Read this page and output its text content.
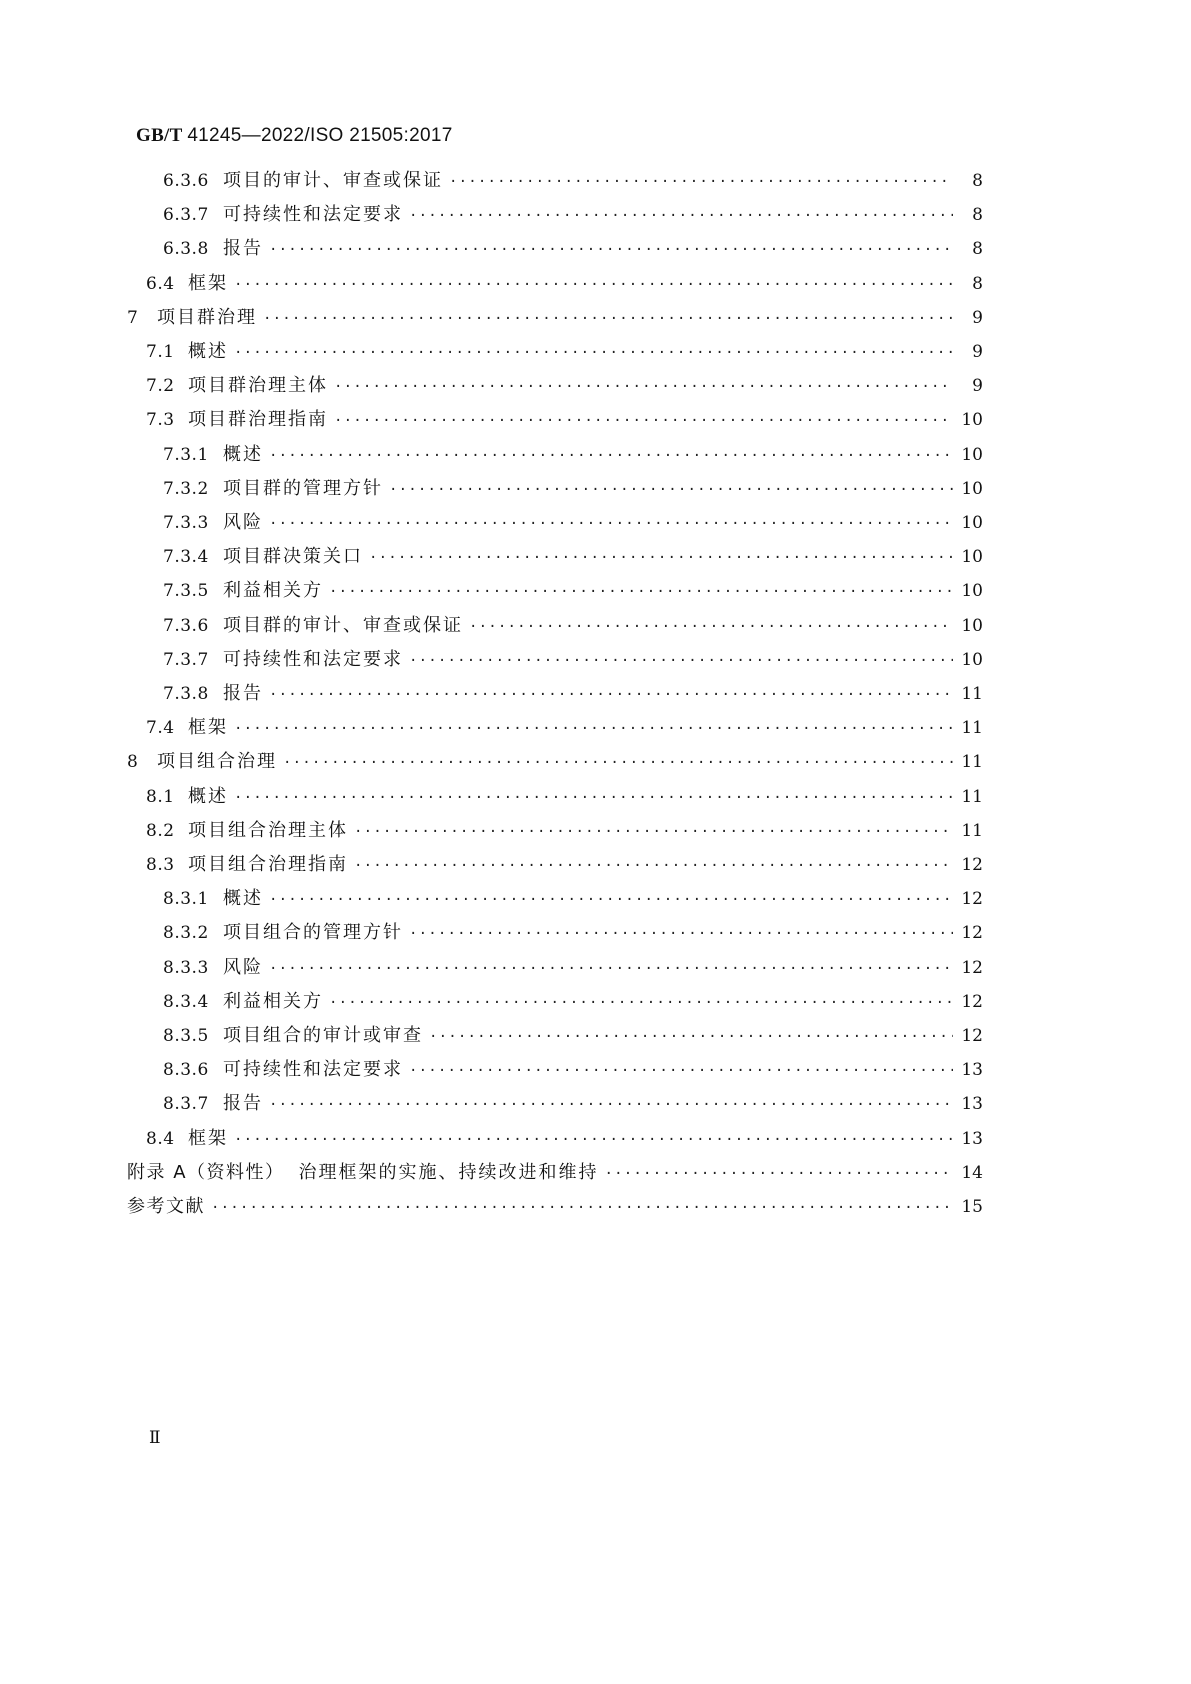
GB/T 41245—2022/ISO 21505:2017
6.3.6 项目的审计、审查或保证 ·····	8
6.3.7 可持续性和法定要求 ·····	8
6.3.8 报告 ·····	8
6.4 框架 ·····	8
7	项目群治理 ·····	9
7.1 概述 ·····	9
7.2 项目群治理主体 ·····	9
7.3 项目群治理指南 ·····	10
7.3.1 概述 ·····	10
7.3.2 项目群的管理方针 ·····	10
7.3.3 风险 ·····	10
7.3.4 项目群决策关口 ·····	10
7.3.5 利益相关方 ·····	10
7.3.6 项目群的审计、审查或保证 ·····	10
7.3.7 可持续性和法定要求 ·····	10
7.3.8 报告 ·····	11
7.4 框架 ·····	11
8	项目组合治理 ·····	11
8.1 概述 ·····	11
8.2 项目组合治理主体 ·····	11
8.3 项目组合治理指南 ·····	12
8.3.1 概述 ·····	12
8.3.2 项目组合的管理方针 ·····	12
8.3.3 风险 ·····	12
8.3.4 利益相关方 ·····	12
8.3.5 项目组合的审计或审查 ·····	12
8.3.6 可持续性和法定要求 ·····	13
8.3.7 报告 ·····	13
8.4 框架 ·····	13
附录 A（资料性） 治理框架的实施、持续改进和维持 ·····	14
参考文献 ·····	15
Ⅱ
